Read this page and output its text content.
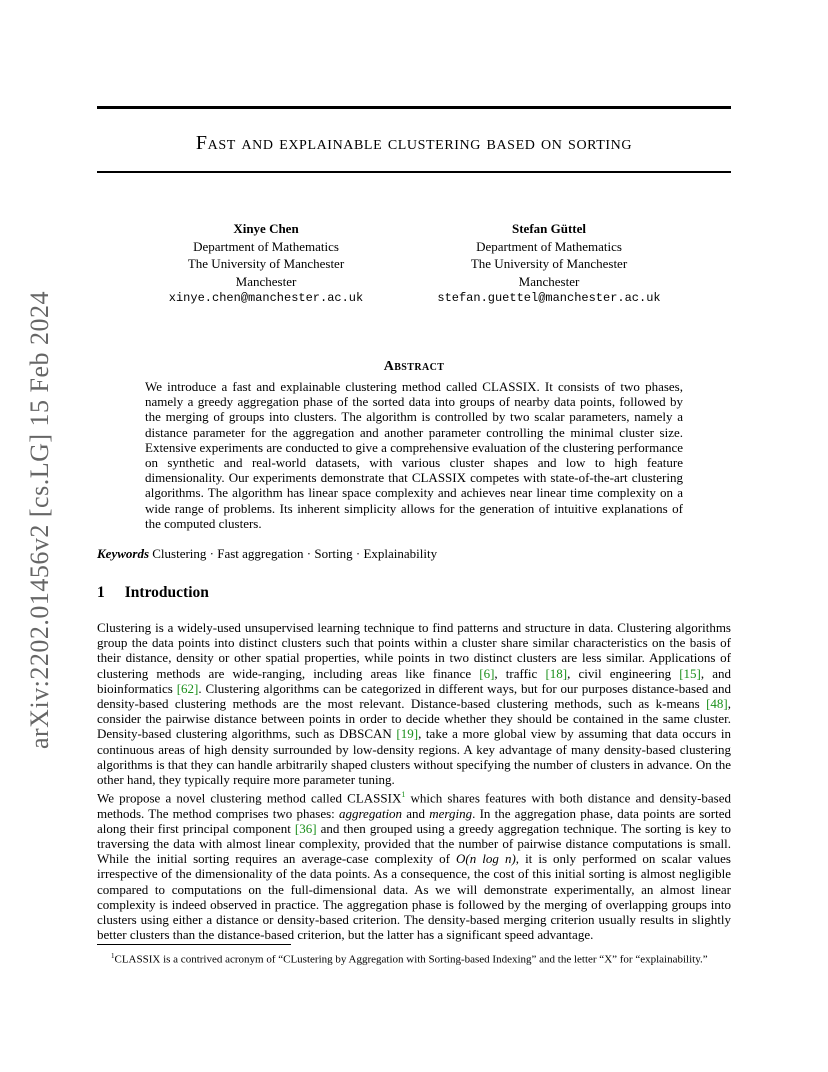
arXiv:2202.01456v2 [cs.LG] 15 Feb 2024
Fast and explainable clustering based on sorting
Xinye Chen
Department of Mathematics
The University of Manchester
Manchester
xinye.chen@manchester.ac.uk
Stefan Güttel
Department of Mathematics
The University of Manchester
Manchester
stefan.guettel@manchester.ac.uk
Abstract
We introduce a fast and explainable clustering method called CLASSIX. It consists of two phases, namely a greedy aggregation phase of the sorted data into groups of nearby data points, followed by the merging of groups into clusters. The algorithm is controlled by two scalar parameters, namely a distance parameter for the aggregation and another parameter controlling the minimal cluster size. Extensive experiments are conducted to give a comprehensive evaluation of the clustering performance on synthetic and real-world datasets, with various cluster shapes and low to high feature dimensionality. Our experiments demonstrate that CLASSIX competes with state-of-the-art clustering algorithms. The algorithm has linear space complexity and achieves near linear time complexity on a wide range of problems. Its inherent simplicity allows for the generation of intuitive explanations of the computed clusters.
Keywords Clustering · Fast aggregation · Sorting · Explainability
1 Introduction
Clustering is a widely-used unsupervised learning technique to find patterns and structure in data. Clustering algorithms group the data points into distinct clusters such that points within a cluster share similar characteristics on the basis of their distance, density or other spatial properties, while points in two distinct clusters are less similar. Applications of clustering methods are wide-ranging, including areas like finance [6], traffic [18], civil engineering [15], and bioinformatics [62]. Clustering algorithms can be categorized in different ways, but for our purposes distance-based and density-based clustering methods are the most relevant. Distance-based clustering methods, such as k-means [48], consider the pairwise distance between points in order to decide whether they should be contained in the same cluster. Density-based clustering algorithms, such as DBSCAN [19], take a more global view by assuming that data occurs in continuous areas of high density surrounded by low-density regions. A key advantage of many density-based clustering algorithms is that they can handle arbitrarily shaped clusters without specifying the number of clusters in advance. On the other hand, they typically require more parameter tuning.
We propose a novel clustering method called CLASSIX$^1$ which shares features with both distance and density-based methods. The method comprises two phases: aggregation and merging. In the aggregation phase, data points are sorted along their first principal component [36] and then grouped using a greedy aggregation technique. The sorting is key to traversing the data with almost linear complexity, provided that the number of pairwise distance computations is small. While the initial sorting requires an average-case complexity of O(n log n), it is only performed on scalar values irrespective of the dimensionality of the data points. As a consequence, the cost of this initial sorting is almost negligible compared to computations on the full-dimensional data. As we will demonstrate experimentally, an almost linear complexity is indeed observed in practice. The aggregation phase is followed by the merging of overlapping groups into clusters using either a distance or density-based criterion. The density-based merging criterion usually results in slightly better clusters than the distance-based criterion, but the latter has a significant speed advantage.
$^1$CLASSIX is a contrived acronym of “CLustering by Aggregation with Sorting-based Indexing” and the letter “X” for “explainability.”
